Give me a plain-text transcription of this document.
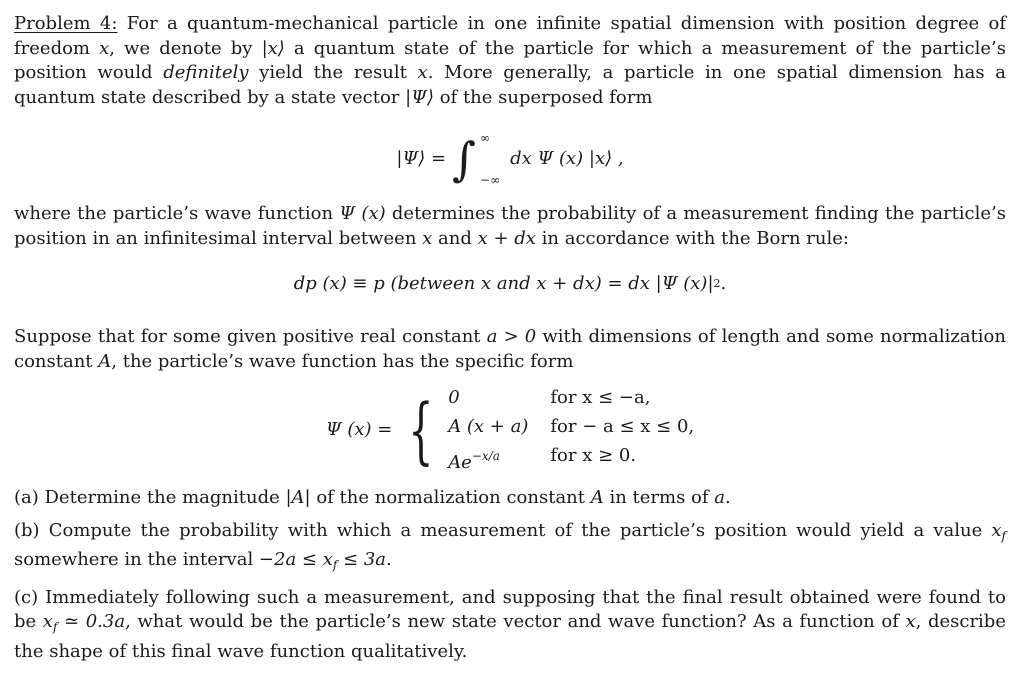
Problem 4: For a quantum-mechanical particle in one infinite spatial dimension with position degree of freedom x, we denote by |x⟩ a quantum state of the particle for which a measurement of the particle’s position would definitely yield the result x. More generally, a particle in one spatial dimension has a quantum state described by a state vector |Ψ⟩ of the superposed form

|Ψ⟩ = ∫ ∞
−∞
dx Ψ (x) |x⟩ ,

where the particle’s wave function Ψ (x) determines the probability of a measurement finding the particle’s position in an infinitesimal interval between x and x + dx in accordance with the Born rule:

dp (x) ≡ p (between x and x + dx) = dx |Ψ (x)| 2 .

Suppose that for some given positive real constant a > 0 with dimensions of length and some normalization constant A, the particle’s wave function has the specific form

Ψ (x) = { 0	for x ≤ −a,
A (x + a) for − a ≤ x ≤ 0,
$Ae^{-x/a}$	for x ≥ 0.

(a) Determine the magnitude |A| of the normalization constant A in terms of a.

(b) Compute the probability with which a measurement of the particle’s position would yield a value $x_f$ somewhere in the interval $-2a \le x_f \le 3a$.

(c) Immediately following such a measurement, and supposing that the final result obtained were found to be $x_f$ ≃ 0.3a, what would be the particle’s new state vector and wave function? As a function of x, describe the shape of this final wave function qualitatively.
